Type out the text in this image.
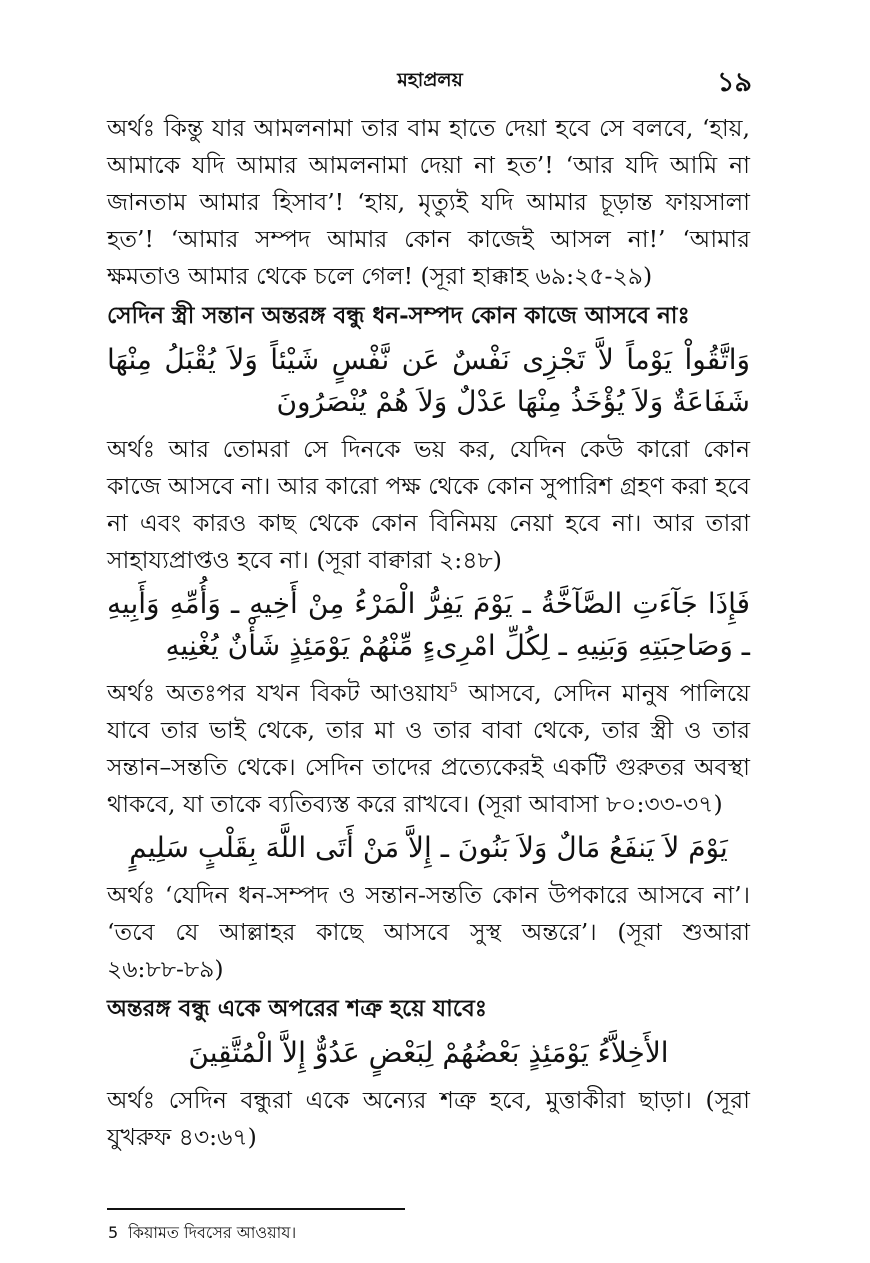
মহাপ্রলয়	১৯

অর্থঃ কিন্তু যার আমলনামা তার বাম হাতে দেয়া হবে সে বলবে, ‘হায়, আমাকে যদি আমার আমলনামা দেয়া না হত’! ‘আর যদি আমি না জানতাম আমার হিসাব’! ‘হায়, মৃত্যুই যদি আমার চূড়ান্ত ফায়সালা হত’! ‘আমার সম্পদ আমার কোন কাজেই আসল না!’ ‘আমার ক্ষমতাও আমার থেকে চলে গেল! (সূরা হাক্কাহ ৬৯:২৫-২৯)

সেদিন স্ত্রী সন্তান অন্তরঙ্গ বন্ধু ধন-সম্পদ কোন কাজে আসবে নাঃ
وَاتَّقُواْ يَوْماً لاَّ تَجْزِى نَفْسٌ عَن نَّفْسٍ شَيْئاً وَلاَ يُقْبَلُ مِنْهَا شَفَاعَةٌ وَلاَ يُؤْخَذُ مِنْهَا عَدْلٌ وَلاَ هُمْ يُنْصَرُونَ

অর্থঃ আর তোমরা সে দিনকে ভয় কর, যেদিন কেউ কারো কোন কাজে আসবে না। আর কারো পক্ষ থেকে কোন সুপারিশ গ্রহণ করা হবে না এবং কারও কাছ থেকে কোন বিনিময় নেয়া হবে না। আর তারা সাহায্যপ্রাপ্তও হবে না। (সূরা বাক্বারা ২:৪৮)

فَإِذَا جَآءَتِ الصَّآخَّةُ ـ يَوْمَ يَفِرُّ الْمَرْءُ مِنْ أَخِيهِ ـ وَأُمِّهِ وَأَبِيهِ ـ وَصَاحِبَتِهِ وَبَنِيهِ ـ لِكُلِّ امْرِىءٍ مِّنْهُمْ يَوْمَئِذٍ شَأْنٌ يُغْنِيهِ

অর্থঃ অতঃপর যখন বিকট আওয়ায$^5$ আসবে, সেদিন মানুষ পালিয়ে যাবে তার ভাই থেকে, তার মা ও তার বাবা থেকে, তার স্ত্রী ও তার সন্তান–সন্ততি থেকে। সেদিন তাদের প্রত্যেকেরই একটি গুরুতর অবস্থা থাকবে, যা তাকে ব্যতিব্যস্ত করে রাখবে। (সূরা আবাসা ৮০:৩৩-৩৭)

يَوْمَ لاَ يَنفَعُ مَالٌ وَلاَ بَنُونَ ـ إِلاَّ مَنْ أَتَى اللَّهَ بِقَلْبٍ سَلِيمٍ

অর্থঃ ‘যেদিন ধন-সম্পদ ও সন্তান-সন্ততি কোন উপকারে আসবে না’। ‘তবে যে আল্লাহর কাছে আসবে সুস্থ অন্তরে’। (সূরা শুআরা ২৬:৮৮-৮৯)

অন্তরঙ্গ বন্ধু একে অপরের শত্রু হয়ে যাবেঃ
الأَخِلاَّءُ يَوْمَئِذٍ بَعْضُهُمْ لِبَعْضٍ عَدُوٌّ إِلاَّ الْمُتَّقِينَ

অর্থঃ সেদিন বন্ধুরা একে অন্যের শত্রু হবে, মুত্তাকীরা ছাড়া। (সূরা যুখরুফ ৪৩:৬৭)

5 কিয়ামত দিবসের আওয়ায।
